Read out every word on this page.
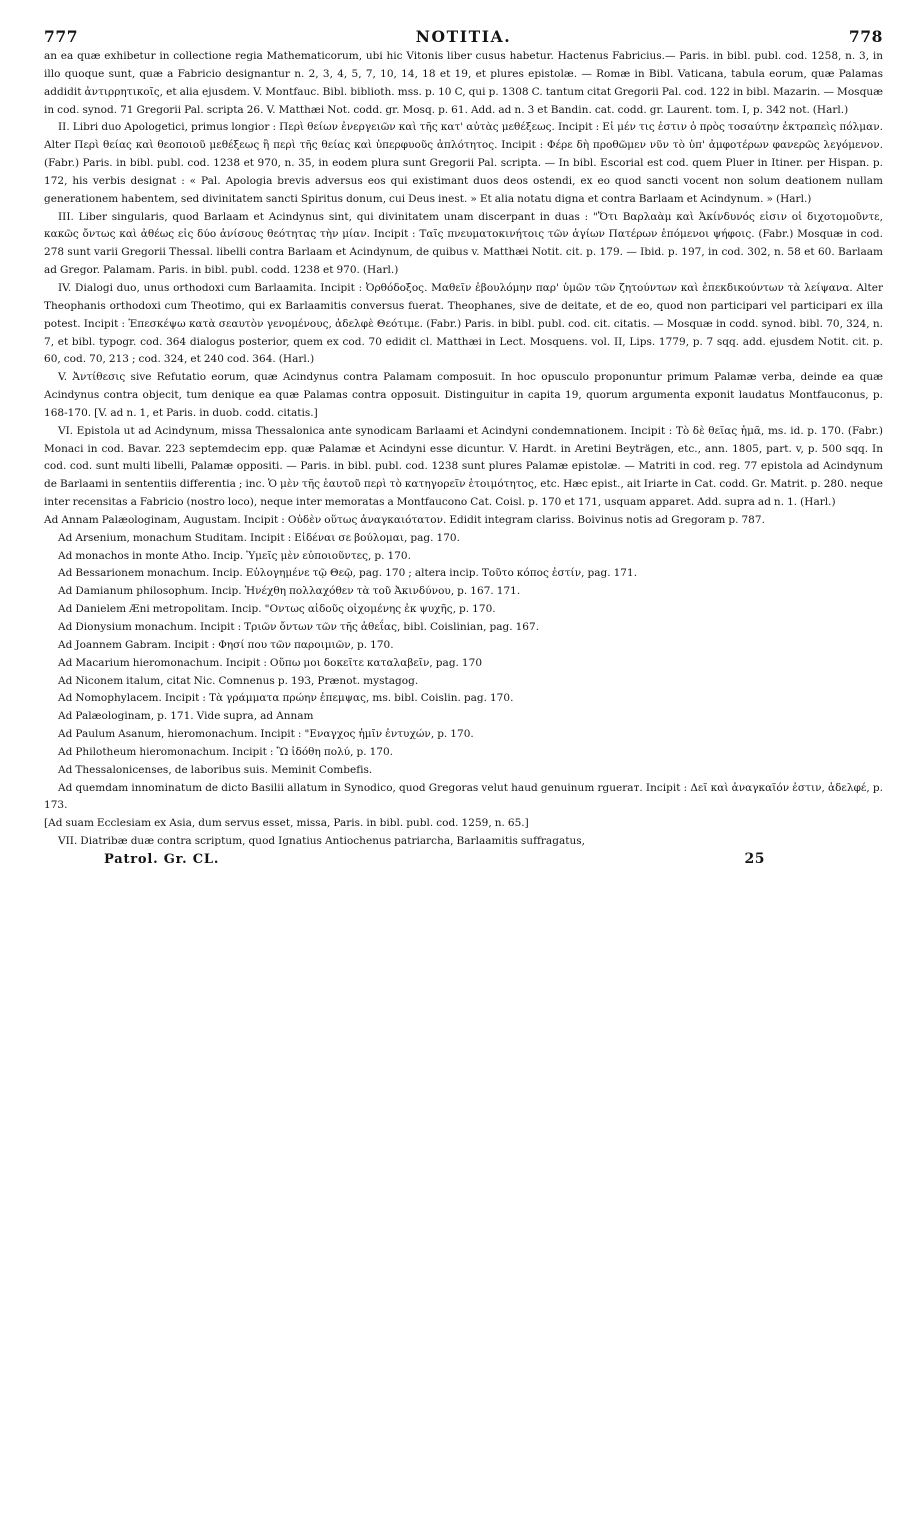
777	NOTITIA.	778

an ea quæ exhibetur in collectione regia Mathematicorum, ubi hic Vitonis liber cusus habetur. Hactenus Fabricius.— Paris. in bibl. publ. cod. 1258, n. 3, in illo quoque sunt, quæ a Fabricio designantur n. 2, 3, 4, 5, 7, 10, 14, 18 et 19, et plures epistolæ. — Romæ in Bibl. Vaticana, tabula eorum, quæ Palamas addidit ἀντιρρητικοῖς, et alia ejusdem. V. Montfauc. Bibl. biblioth. mss. p. 10 C, qui p. 1308 C. tantum citat Gregorii Pal. cod. 122 in bibl. Mazarin. — Mosquæ in cod. synod. 71 Gregorii Pal. scripta 26. V. Matthæi Not. codd. gr. Mosq. p. 61. Add. ad n. 3 et Bandin. cat. codd. gr. Laurent. tom. I, p. 342 not. (Harl.)

II. Libri duo Apologetici, primus longior : Περὶ θείων ἐνεργειῶν καὶ τῆς κατ' αὐτὰς μεθέξεως. Incipit : Εἰ μέν τις ἐστιν ὁ πρὸς τοσαύτην ἐκτραπεὶς πόλμαν. Alter Περὶ θείας καὶ θεοποιοῦ μεθέξεως ἢ περὶ τῆς θείας καὶ ὑπερφυοῦς ἁπλότητος. Incipit : Φέρε δὴ προθῶμεν νῦν τὸ ὑπ' ἀμφοτέρων φανερῶς λεγόμενον. (Fabr.) Paris. in bibl. publ. cod. 1238 et 970, n. 35, in eodem plura sunt Gregorii Pal. scripta. — In bibl. Escorial est cod. quem Pluer in Itiner. per Hispan. p. 172, his verbis designat : « Pal. Apologia brevis adversus eos qui existimant duos deos ostendi, ex eo quod sancti vocent non solum deationem nullam generationem habentem, sed divinitatem sancti Spiritus donum, cui Deus inest. » Et alia notatu digna et contra Barlaam et Acindynum. » (Harl.)

III. Liber singularis, quod Barlaam et Acindynus sint, qui divinitatem unam discerpant in duas : "Ὅτι Βαρλαὰμ καὶ Ἀκίνδυνός εἰσιν οἱ διχοτομοῦντε, κακῶς ὄντως καὶ ἀθέως εἰς δύο ἀνίσους θεότητας τὴν μίαν. Incipit : Ταῖς πνευματοκινήτοις τῶν ἁγίων Πατέρων ἑπόμενοι ψήφοις. (Fabr.) Mosquæ in cod. 278 sunt varii Gregorii Thessal. libelli contra Barlaam et Acindynum, de quibus v. Matthæi Notit. cit. p. 179. — Ibid. p. 197, in cod. 302, n. 58 et 60. Barlaam ad Gregor. Palamam. Paris. in bibl. publ. codd. 1238 et 970. (Harl.)

IV. Dialogi duo, unus orthodoxi cum Barlaamita. Incipit : Ὀρθόδοξος. Μαθεῖν ἐβουλόμην παρ' ὑμῶν τῶν ζητούντων καὶ ἐπεκδικούντων τὰ λείψανα. Alter Theophanis orthodoxi cum Theotimo, qui ex Barlaamitis conversus fuerat. Theophanes, sive de deitate, et de eo, quod non participari vel participari ex illa potest. Incipit : Ἐπεσκέψω κατὰ σεαυτὸν γενομένους, ἀδελφὲ Θεότιμε. (Fabr.) Paris. in bibl. publ. cod. cit. citatis. — Mosquæ in codd. synod. bibl. 70, 324, n. 7, et bibl. typogr. cod. 364 dialogus posterior, quem ex cod. 70 edidit cl. Matthæi in Lect. Mosquens. vol. II, Lips. 1779, p. 7 sqq. add. ejusdem Notit. cit. p. 60, cod. 70, 213 ; cod. 324, et 240 cod. 364. (Harl.)

V. Ἀντίθεσις sive Refutatio eorum, quæ Acindynus contra Palamam composuit. In hoc opusculo proponuntur primum Palamæ verba, deinde ea quæ Acindynus contra objecit, tum denique ea quæ Palamas contra opposuit. Distinguitur in capita 19, quorum argumenta exponit laudatus Montfauconus, p. 168-170. [V. ad n. 1, et Paris. in duob. codd. citatis.]

VI. Epistola ut ad Acindynum, missa Thessalonica ante synodicam Barlaami et Acindyni condemnationem. Incipit : Τὸ δὲ θεῖας ἡμᾶ, ms. id. p. 170. (Fabr.) Monaci in cod. Bavar. 223 septemdecim epp. quæ Palamæ et Acindyni esse dicuntur. V. Hardt. in Aretini Beyträgen, etc., ann. 1805, part. v, p. 500 sqq. In cod. cod. sunt multi libelli, Palamæ oppositi. — Paris. in bibl. publ. cod. 1238 sunt plures Palamæ epistolæ. — Matriti in cod. reg. 77 epistola ad Acindynum de Barlaami in sententiis differentia ; inc. Ὁ μὲν τῆς ἑαυτοῦ περὶ τὸ κατηγορεῖν ἑτοιμότητος, etc. Hæc epist., ait Iriarte in Cat. codd. Gr. Matrit. p. 280. neque inter recensitas a Fabricio (nostro loco), neque inter memoratas a Montfaucono Cat. Coisl. p. 170 et 171, usquam apparet. Add. supra ad n. 1. (Harl.)

Ad Annam Palæologinam, Augustam. Incipit : Οὐδὲν οὕτως ἀναγκαιότατον. Edidit integram clariss. Boivinus notis ad Gregoram p. 787.

Ad Arsenium, monachum Studitam. Incipit : Εἰδέναι σε βούλομαι, pag. 170.

Ad monachos in monte Atho. Incip. Ὑμεῖς μὲν εὐποιοῦντες, p. 170.

Ad Bessarionem monachum. Incip. Εὐλογημένε τῷ Θεῷ, pag. 170 ; altera incip. Τοῦτο κόπος ἐστίν, pag. 171.

Ad Damianum philosophum. Incip. Ἠνέχθη πολλαχόθεν τὰ τοῦ Ἀκινδύνου, p. 167. 171.

Ad Danielem Æni metropolitam. Incip. "Οντως αἰδοῦς οἰχομένης ἐκ ψυχῆς, p. 170.

Ad Dionysium monachum. Incipit : Τριῶν ὄντων τῶν τῆς ἀθεΐας, bibl. Coislinian, pag. 167.

Ad Joannem Gabram. Incipit : Φησί που τῶν παροιμιῶν, p. 170.

Ad Macarium hieromonachum. Incipit : Οὔπω μοι δοκεῖτε καταλαβεῖν, pag. 170

Ad Niconem italum, citat Nic. Comnenus p. 193, Prænot. mystagog.

Ad Nomophylacem. Incipit : Τὰ γράμματα πρώην ἐπεμψας, ms. bibl. Coislin. pag. 170.

Ad Palæologinam, p. 171. Vide supra, ad Annam

Ad Paulum Asanum, hieromonachum. Incipit : "Εναγχος ἡμῖν ἐντυχών, p. 170.

Ad Philotheum hieromonachum. Incipit : Ὢ ἰδόθη πολύ, p. 170.

Ad Thessalonicenses, de laboribus suis. Meminit Combefis.

Ad quemdam innominatum de dicto Basilii allatum in Synodico, quod Gregoras velut haud genuinum rgueraт. Incipit : Δεῖ καὶ ἀναγκαῖόν ἐστιν, ἀδελφέ, p. 173.

[Ad suam Ecclesiam ex Asia, dum servus esset, missa, Paris. in bibl. publ. cod. 1259, n. 65.]

VII. Diatribæ duæ contra scriptum, quod Ignatius Antiochenus patriarcha, Barlaamitis suffragatus,

Patrol. Gr. CL.	25
